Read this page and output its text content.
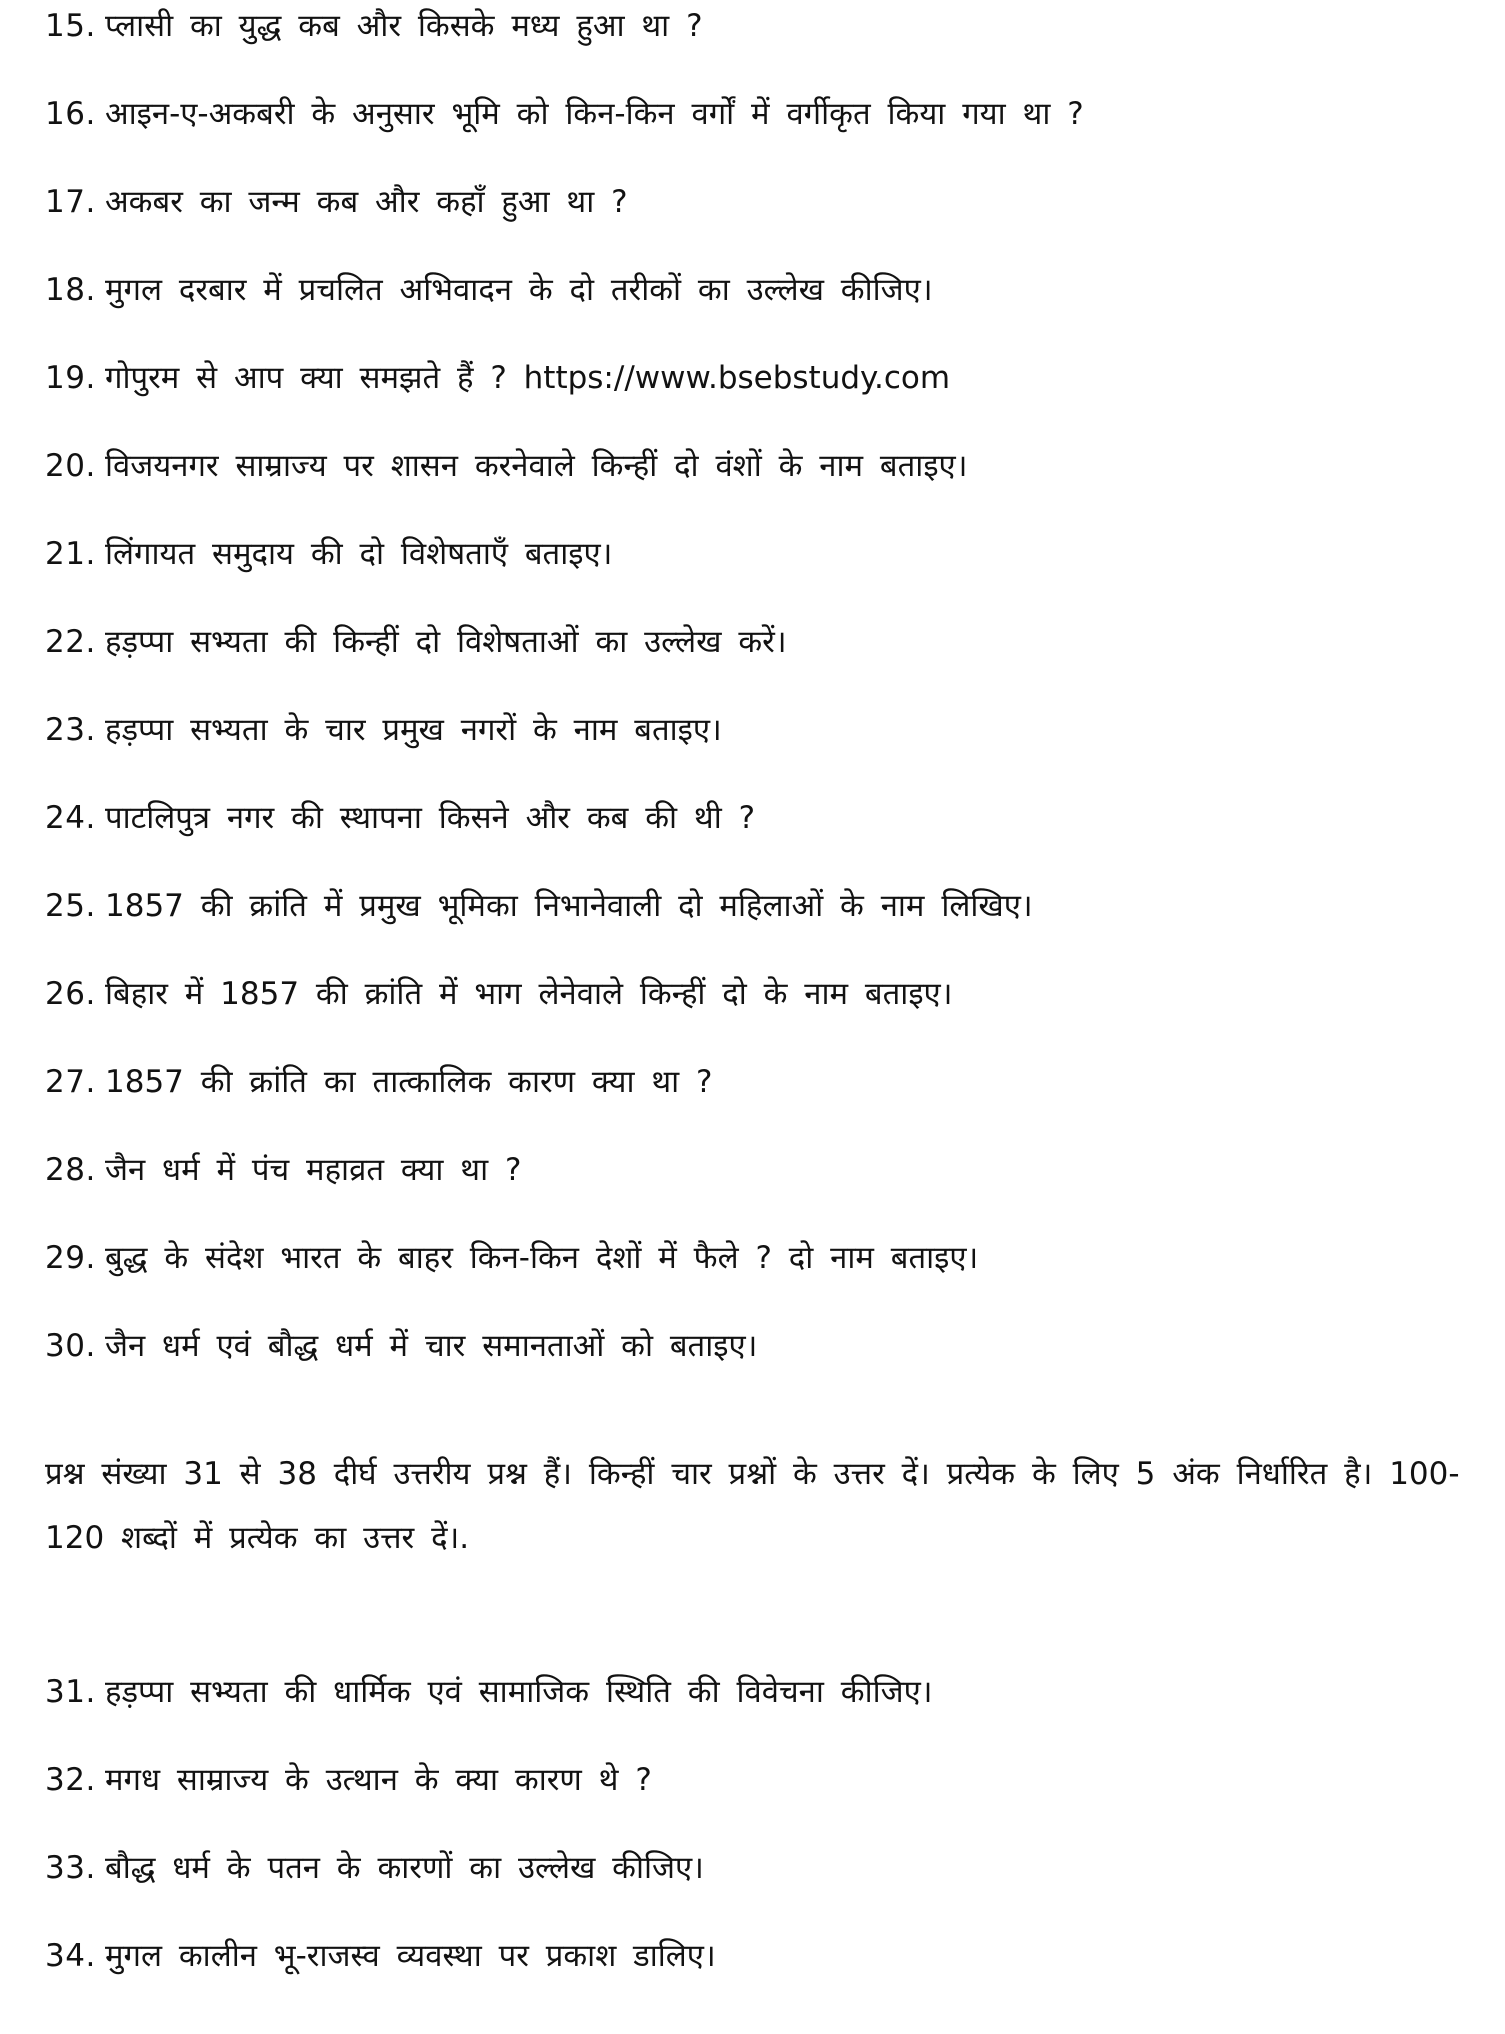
15. प्लासी का युद्ध कब और किसके मध्य हुआ था ?
16. आइन-ए-अकबरी के अनुसार भूमि को किन-किन वर्गों में वर्गीकृत किया गया था ?
17. अकबर का जन्म कब और कहाँ हुआ था ?
18. मुगल दरबार में प्रचलित अभिवादन के दो तरीकों का उल्लेख कीजिए।
19. गोपुरम से आप क्या समझते हैं ? https://www.bsebstudy.com
20. विजयनगर साम्राज्य पर शासन करनेवाले किन्हीं दो वंशों के नाम बताइए।
21. लिंगायत समुदाय की दो विशेषताएँ बताइए।
22. हड़प्पा सभ्यता की किन्हीं दो विशेषताओं का उल्लेख करें।
23. हड़प्पा सभ्यता के चार प्रमुख नगरों के नाम बताइए।
24. पाटलिपुत्र नगर की स्थापना किसने और कब की थी ?
25. 1857 की क्रांति में प्रमुख भूमिका निभानेवाली दो महिलाओं के नाम लिखिए।
26. बिहार में 1857 की क्रांति में भाग लेनेवाले किन्हीं दो के नाम बताइए।
27. 1857 की क्रांति का तात्कालिक कारण क्या था ?
28. जैन धर्म में पंच महाव्रत क्या था ?
29. बुद्ध के संदेश भारत के बाहर किन-किन देशों में फैले ? दो नाम बताइए।
30. जैन धर्म एवं बौद्ध धर्म में चार समानताओं को बताइए।

प्रश्न संख्या 31 से 38 दीर्घ उत्तरीय प्रश्न हैं। किन्हीं चार प्रश्नों के उत्तर दें। प्रत्येक के लिए 5 अंक निर्धारित है। 100-120 शब्दों में प्रत्येक का उत्तर दें।.

31. हड़प्पा सभ्यता की धार्मिक एवं सामाजिक स्थिति की विवेचना कीजिए।
32. मगध साम्राज्य के उत्थान के क्या कारण थे ?
33. बौद्ध धर्म के पतन के कारणों का उल्लेख कीजिए।
34. मुगल कालीन भू-राजस्व व्यवस्था पर प्रकाश डालिए।
